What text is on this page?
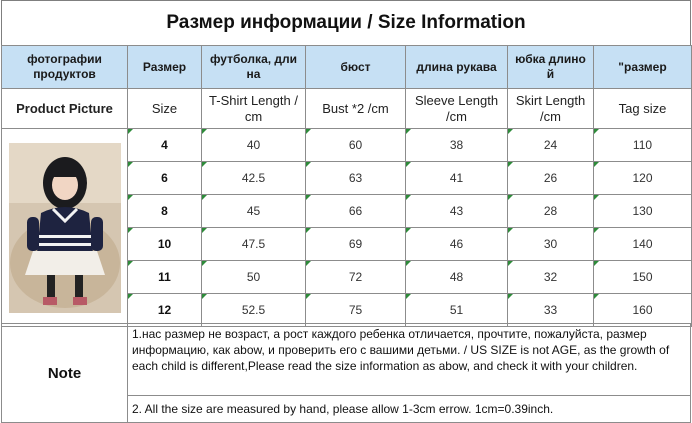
Размер информации / Size Information
фотографии продуктов	Размер	футболка, дли на	бюст	длина рукава	юбка длино й	"размер
Product Picture	Size	T-Shirt Length / cm	Bust *2 /cm	Sleeve Length /cm	Skirt Length /cm	Tag size

	4	40	60	38	24	110
	6	42.5	63	41	26	120
	8	45	66	43	28	130
	10	47.5	69	46	30	140
	11	50	72	48	32	150
	12	52.5	75	51	33	160
Note	1.нас размер не возраст, а рост каждого ребенка отличается, прочтите, пожалуйста, размер информацию, как abow, и проверить его с вашими детьми. / US SIZE is not AGE, as the growth of each child is different,Please read the size information as abow, and check it with your children.
2. All the size are measured by hand, please allow 1-3cm errow. 1cm=0.39inch.
